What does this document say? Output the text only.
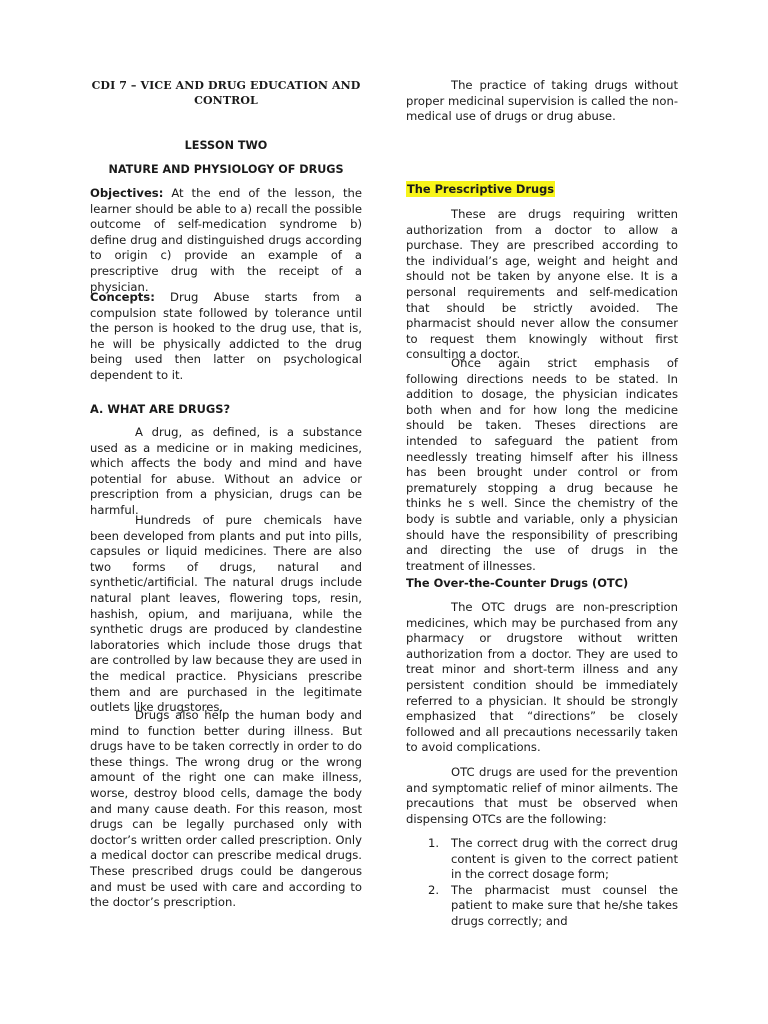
CDI 7 – VICE AND DRUG EDUCATION AND CONTROL
LESSON TWO
NATURE AND PHYSIOLOGY OF DRUGS

Objectives: At the end of the lesson, the learner should be able to a) recall the possible outcome of self-medication syndrome b) define drug and distinguished drugs according to origin c) provide an example of a prescriptive drug with the receipt of a physician.

Concepts: Drug Abuse starts from a compulsion state followed by tolerance until the person is hooked to the drug use, that is, he will be physically addicted to the drug being used then latter on psychological dependent to it.

A. WHAT ARE DRUGS?

A drug, as defined, is a substance used as a medicine or in making medicines, which affects the body and mind and have potential for abuse. Without an advice or prescription from a physician, drugs can be harmful.

Hundreds of pure chemicals have been developed from plants and put into pills, capsules or liquid medicines. There are also two forms of drugs, natural and synthetic/artificial. The natural drugs include natural plant leaves, flowering tops, resin, hashish, opium, and marijuana, while the synthetic drugs are produced by clandestine laboratories which include those drugs that are controlled by law because they are used in the medical practice. Physicians prescribe them and are purchased in the legitimate outlets like drugstores.

Drugs also help the human body and mind to function better during illness. But drugs have to be taken correctly in order to do these things. The wrong drug or the wrong amount of the right one can make illness, worse, destroy blood cells, damage the body and many cause death. For this reason, most drugs can be legally purchased only with doctor’s written order called prescription. Only a medical doctor can prescribe medical drugs. These prescribed drugs could be dangerous and must be used with care and according to the doctor’s prescription.

The practice of taking drugs without proper medicinal supervision is called the non-medical use of drugs or drug abuse.

The Prescriptive Drugs

These are drugs requiring written authorization from a doctor to allow a purchase. They are prescribed according to the individual’s age, weight and height and should not be taken by anyone else. It is a personal requirements and self-medication that should be strictly avoided. The pharmacist should never allow the consumer to request them knowingly without first consulting a doctor.

Once again strict emphasis of following directions needs to be stated. In addition to dosage, the physician indicates both when and for how long the medicine should be taken. Theses directions are intended to safeguard the patient from needlessly treating himself after his illness has been brought under control or from prematurely stopping a drug because he thinks he s well. Since the chemistry of the body is subtle and variable, only a physician should have the responsibility of prescribing and directing the use of drugs in the treatment of illnesses.

The Over-the-Counter Drugs (OTC)

The OTC drugs are non-prescription medicines, which may be purchased from any pharmacy or drugstore without written authorization from a doctor. They are used to treat minor and short-term illness and any persistent condition should be immediately referred to a physician. It should be strongly emphasized that “directions” be closely followed and all precautions necessarily taken to avoid complications.

OTC drugs are used for the prevention and symptomatic relief of minor ailments. The precautions that must be observed when dispensing OTCs are the following:

1. The correct drug with the correct drug content is given to the correct patient in the correct dosage form;
2. The pharmacist must counsel the patient to make sure that he/she takes drugs correctly; and
